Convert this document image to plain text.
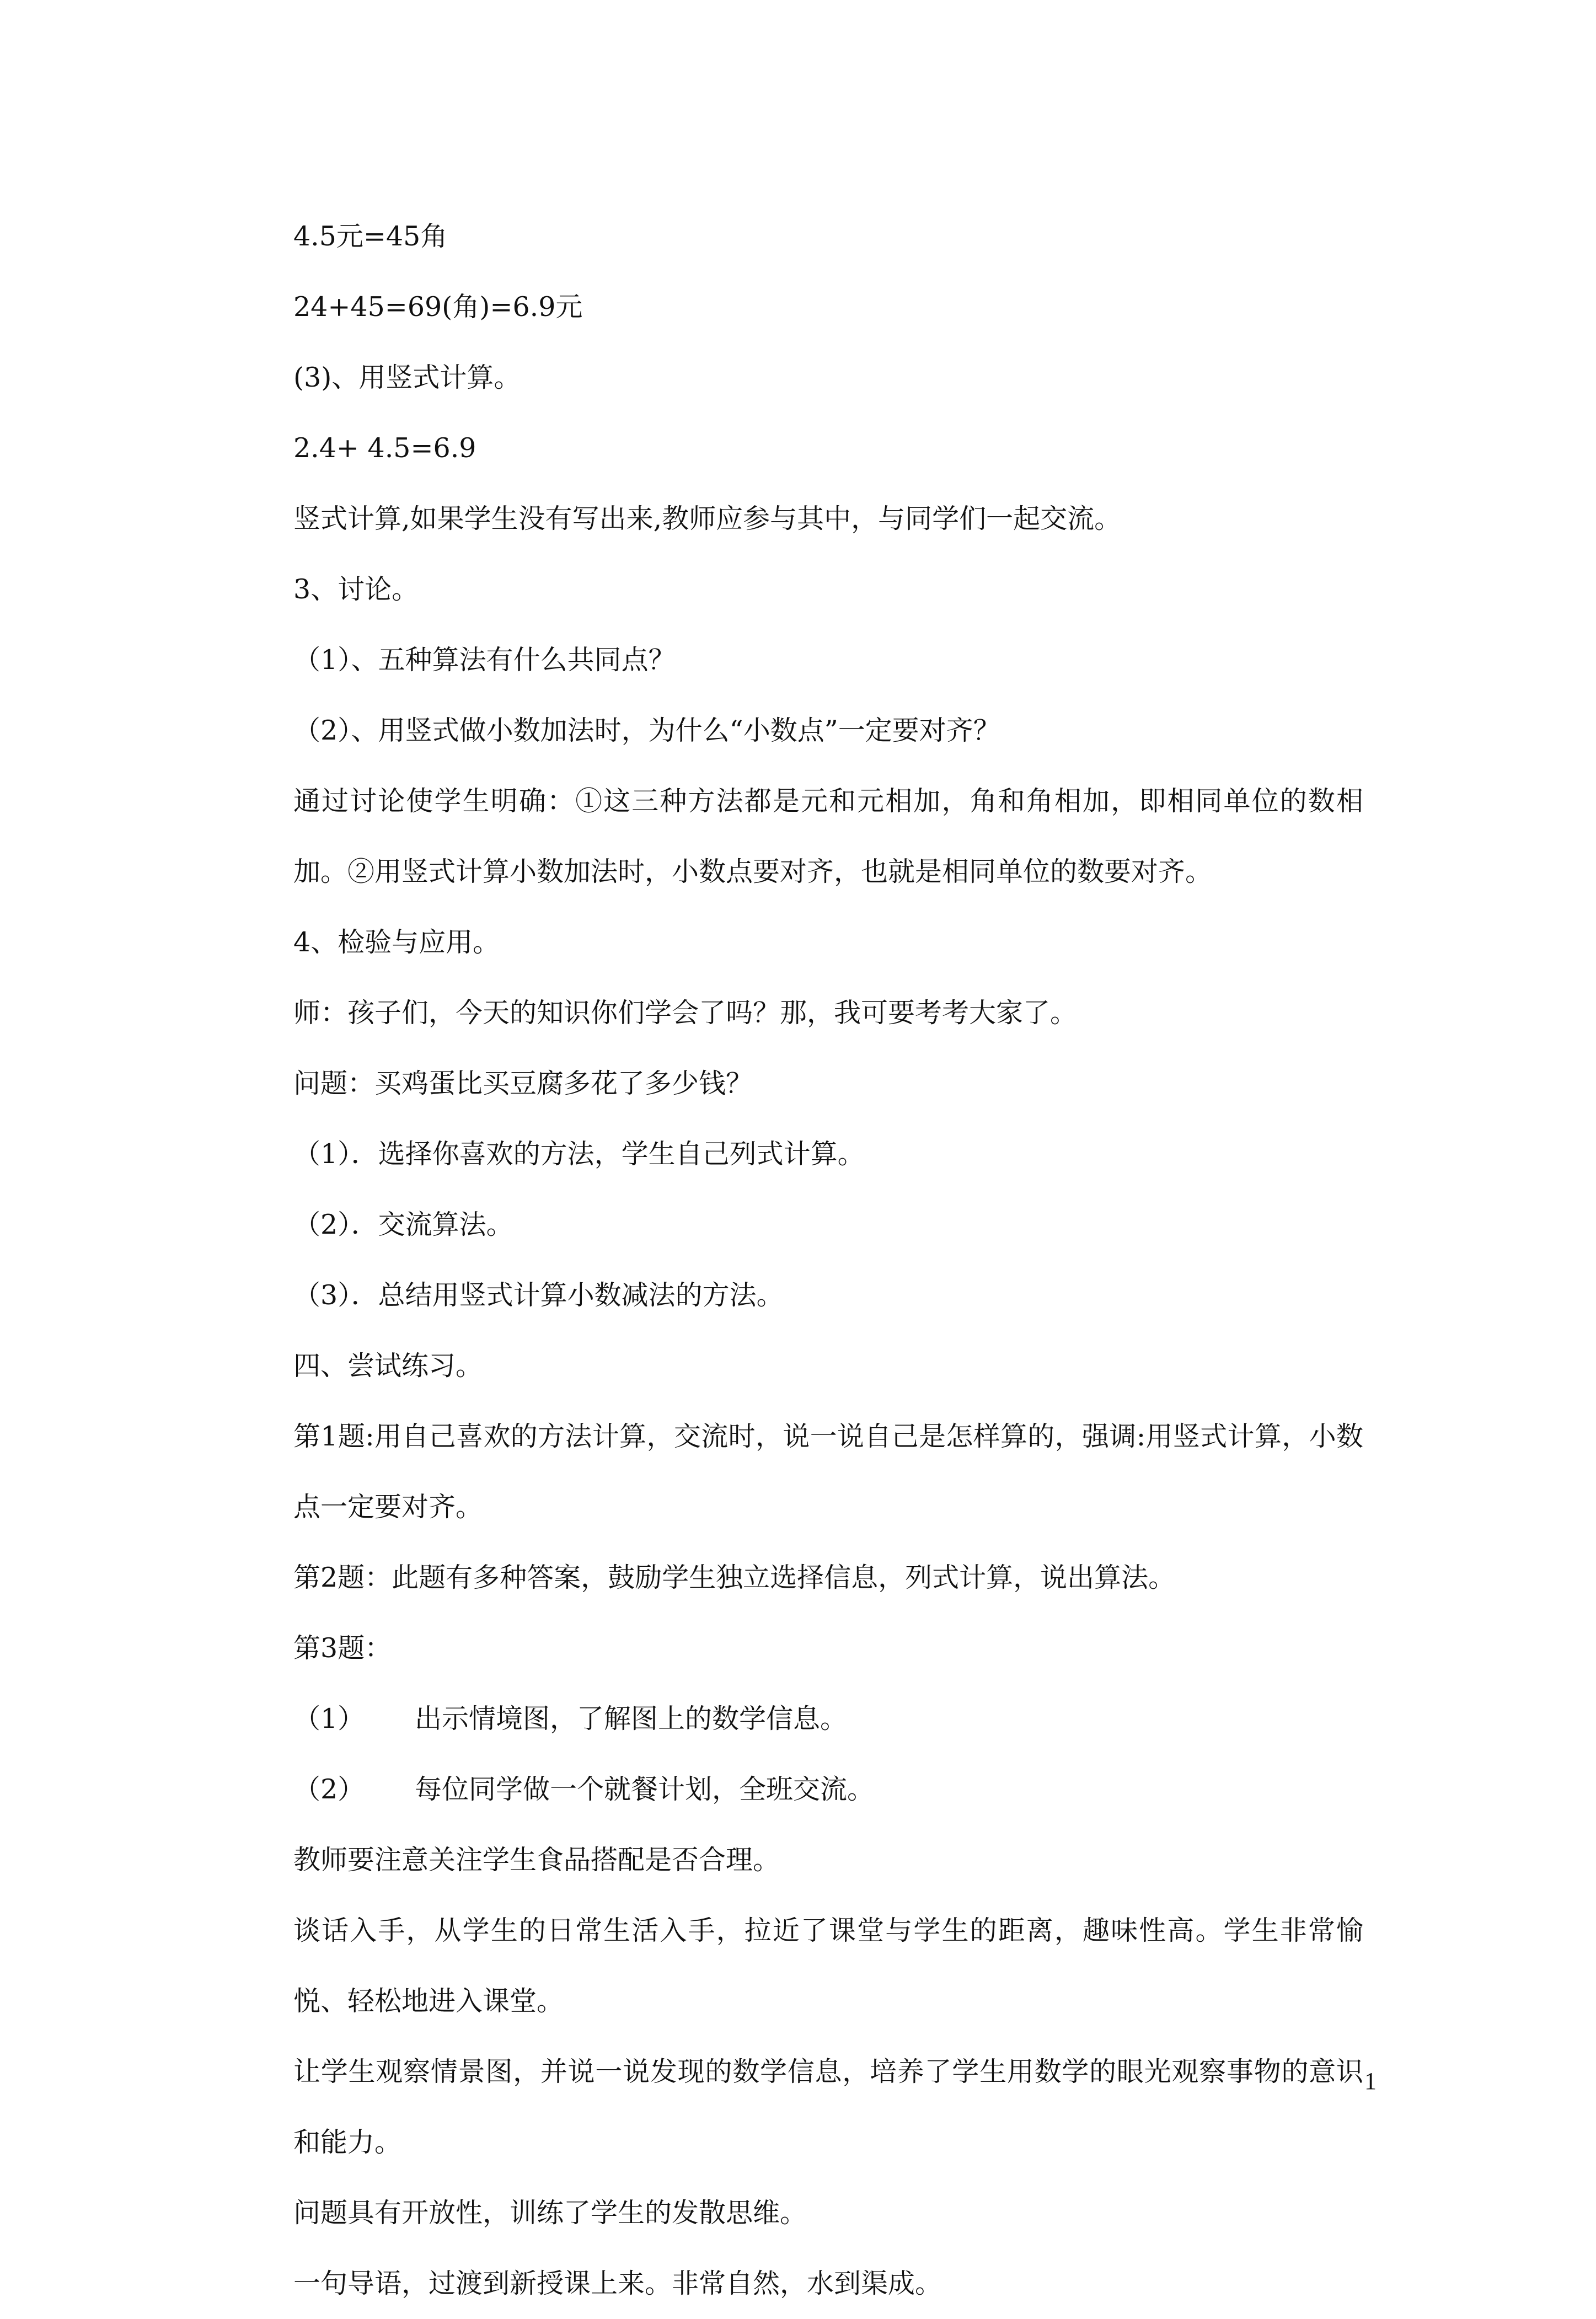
4.5元=45角
24+45=69(角)=6.9元
(3)、用竖式计算。
2.4+ 4.5=6.9
竖式计算,如果学生没有写出来,教师应参与其中，与同学们一起交流。
3、讨论。
（1）、五种算法有什么共同点？
（2）、用竖式做小数加法时，为什么“小数点”一定要对齐？
通过讨论使学生明确：①这三种方法都是元和元相加，角和角相加，即相同单位的数相加。②用竖式计算小数加法时，小数点要对齐，也就是相同单位的数要对齐。
4、检验与应用。
师：孩子们，今天的知识你们学会了吗？那，我可要考考大家了。
问题：买鸡蛋比买豆腐多花了多少钱？
（1）．选择你喜欢的方法，学生自己列式计算。
（2）．交流算法。
（3）．总结用竖式计算小数减法的方法。
四、尝试练习。
第1题:用自己喜欢的方法计算，交流时，说一说自己是怎样算的，强调:用竖式计算，小数点一定要对齐。
第2题：此题有多种答案，鼓励学生独立选择信息，列式计算，说出算法。
第3题：
（1） 出示情境图，了解图上的数学信息。
（2） 每位同学做一个就餐计划，全班交流。
教师要注意关注学生食品搭配是否合理。
谈话入手，从学生的日常生活入手，拉近了课堂与学生的距离，趣味性高。学生非常愉悦、轻松地进入课堂。
让学生观察情景图，并说一说发现的数学信息，培养了学生用数学的眼光观察事物的意识和能力。
问题具有开放性，训练了学生的发散思维。
一句导语，过渡到新授课上来。非常自然，水到渠成。
1
